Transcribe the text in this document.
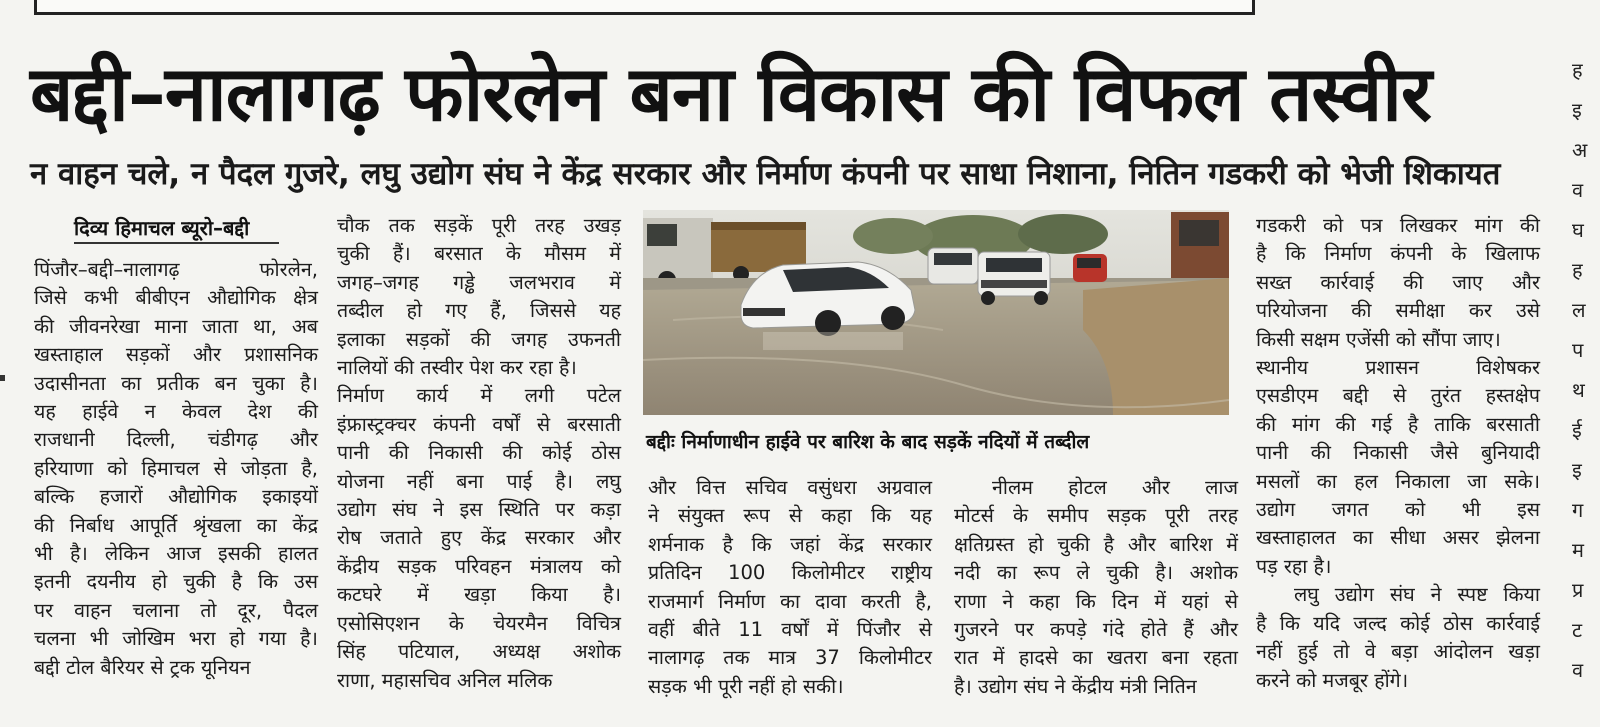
ह
इ
अ
व
घ
ह
ल
प
थ
ई
इ
ग
म
प्र
ट
व
बद्दी–नालागढ़ फोरलेन बना विकास की विफल तस्वीर
न वाहन चले, न पैदल गुजरे, लघु उद्योग संघ ने केंद्र सरकार और निर्माण कंपनी पर साधा निशाना, नितिन गडकरी को भेजी शिकायत
दिव्य हिमाचल ब्यूरो–बद्दी

पिंजौर–बद्दी–नालागढ़ फोरलेन,

जिसे कभी बीबीएन औद्योगिक क्षेत्र

की जीवनरेखा माना जाता था, अब

खस्ताहाल सड़कों और प्रशासनिक

उदासीनता का प्रतीक बन चुका है।

यह हाईवे न केवल देश की

राजधानी दिल्ली, चंडीगढ़ और

हरियाणा को हिमाचल से जोड़ता है,

बल्कि हजारों औद्योगिक इकाइयों

की निर्बाध आपूर्ति श्रृंखला का केंद्र

भी है। लेकिन आज इसकी हालत

इतनी दयनीय हो चुकी है कि उस

पर वाहन चलाना तो दूर, पैदल

चलना भी जोखिम भरा हो गया है।

बद्दी टोल बैरियर से ट्रक यूनियन

चौक तक सड़कें पूरी तरह उखड़

चुकी हैं। बरसात के मौसम में

जगह–जगह गड्ढे जलभराव में

तब्दील हो गए हैं, जिससे यह

इलाका सड़कों की जगह उफनती

नालियों की तस्वीर पेश कर रहा है।

निर्माण कार्य में लगी पटेल

इंफ्रास्ट्रक्चर कंपनी वर्षों से बरसाती

पानी की निकासी की कोई ठोस

योजना नहीं बना पाई है। लघु

उद्योग संघ ने इस स्थिति पर कड़ा

रोष जताते हुए केंद्र सरकार और

केंद्रीय सड़क परिवहन मंत्रालय को

कटघरे में खड़ा किया है।

एसोसिएशन के चेयरमैन विचित्र

सिंह पटियाल, अध्यक्ष अशोक

राणा, महासचिव अनिल मलिक

बद्दीः निर्माणाधीन हाईवे पर बारिश के बाद सड़कें नदियों में तब्दील

और वित्त सचिव वसुंधरा अग्रवाल

ने संयुक्त रूप से कहा कि यह

शर्मनाक है कि जहां केंद्र सरकार

प्रतिदिन 100 किलोमीटर राष्ट्रीय

राजमार्ग निर्माण का दावा करती है,

वहीं बीते 11 वर्षों में पिंजौर से

नालागढ़ तक मात्र 37 किलोमीटर

सड़क भी पूरी नहीं हो सकी।

नीलम होटल और लाज

मोटर्स के समीप सड़क पूरी तरह

क्षतिग्रस्त हो चुकी है और बारिश में

नदी का रूप ले चुकी है। अशोक

राणा ने कहा कि दिन में यहां से

गुजरने पर कपड़े गंदे होते हैं और

रात में हादसे का खतरा बना रहता

है। उद्योग संघ ने केंद्रीय मंत्री नितिन

गडकरी को पत्र लिखकर मांग की

है कि निर्माण कंपनी के खिलाफ

सख्त कार्रवाई की जाए और

परियोजना की समीक्षा कर उसे

किसी सक्षम एजेंसी को सौंपा जाए।

स्थानीय प्रशासन विशेषकर

एसडीएम बद्दी से तुरंत हस्तक्षेप

की मांग की गई है ताकि बरसाती

पानी की निकासी जैसे बुनियादी

मसलों का हल निकाला जा सके।

उद्योग जगत को भी इस

खस्ताहालत का सीधा असर झेलना

पड़ रहा है।

लघु उद्योग संघ ने स्पष्ट किया

है कि यदि जल्द कोई ठोस कार्रवाई

नहीं हुई तो वे बड़ा आंदोलन खड़ा

करने को मजबूर होंगे।
